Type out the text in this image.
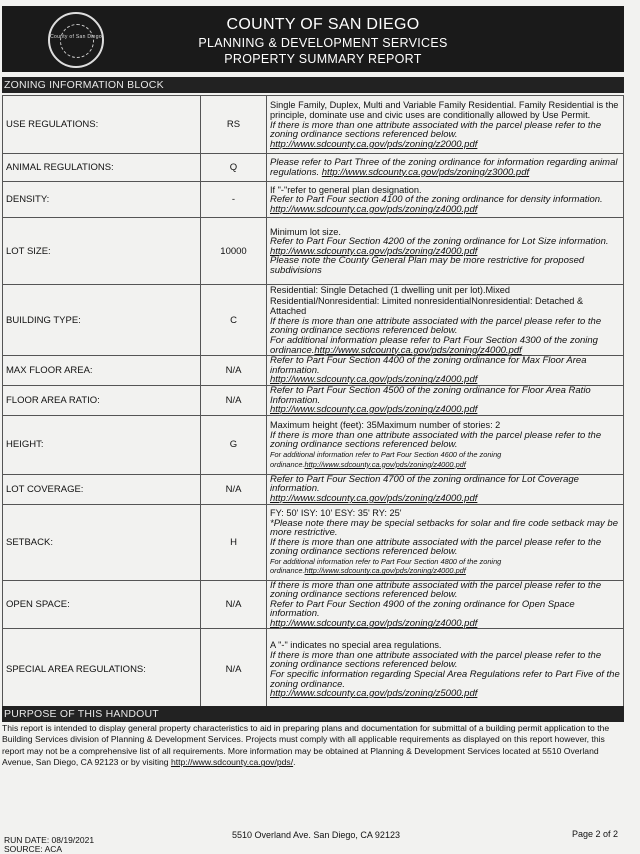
County of San Diego
COUNTY OF SAN DIEGO
PLANNING & DEVELOPMENT SERVICES
PROPERTY SUMMARY REPORT
ZONING INFORMATION BLOCK
USE REGULATIONS:	RS	Single Family, Duplex, Multi and Variable Family Residential. Family Residential is the principle, dominate use and civic uses are conditionally allowed by Use Permit.
If there is more than one attribute associated with the parcel please refer to the zoning ordinance sections referenced below.
http://www.sdcounty.ca.gov/pds/zoning/z2000.pdf

ANIMAL REGULATIONS:	Q	Please refer to Part Three of the zoning ordinance for information regarding animal regulations. http://www.sdcounty.ca.gov/pds/zoning/z3000.pdf
DENSITY:	-	If "-"refer to general plan designation.
Refer to Part Four section 4100 of the zoning ordinance for density information.
http://www.sdcounty.ca.gov/pds/zoning/z4000.pdf

LOT SIZE:	10000	Minimum lot size.
Refer to Part Four Section 4200 of the zoning ordinance for Lot Size information.
http://www.sdcounty.ca.gov/pds/zoning/z4000.pdf
Please note the County General Plan may be more restrictive for proposed subdivisions

BUILDING TYPE:	C	Residential: Single Detached (1 dwelling unit per lot).Mixed Residential/Nonresidential: Limited nonresidentialNonresidential: Detached & Attached
If there is more than one attribute associated with the parcel please refer to the zoning ordinance sections referenced below.
For additional information please refer to Part Four Section 4300 of the zoning ordinance.http://www.sdcounty.ca.gov/pds/zoning/z4000.pdf

MAX FLOOR AREA:	N/A	Refer to Part Four Section 4400 of the zoning ordinance for Max Floor Area information.
http://www.sdcounty.ca.gov/pds/zoning/z4000.pdf

FLOOR AREA RATIO:	N/A	Refer to Part Four Section 4500 of the zoning ordinance for Floor Area Ratio Information.
http://www.sdcounty.ca.gov/pds/zoning/z4000.pdf

HEIGHT:	G	Maximum height (feet): 35Maximum number of stories: 2
If there is more than one attribute associated with the parcel please refer to the zoning ordinance sections referenced below.
For additional information refer to Part Four Section 4600 of the zoning ordinance.http://www.sdcounty.ca.gov/pds/zoning/z4000.pdf

LOT COVERAGE:	N/A	Refer to Part Four Section 4700 of the zoning ordinance for Lot Coverage information.
http://www.sdcounty.ca.gov/pds/zoning/z4000.pdf

SETBACK:	H	FY: 50' ISY: 10' ESY: 35' RY: 25'
*Please note there may be special setbacks for solar and fire code setback may be more restrictive.
If there is more than one attribute associated with the parcel please refer to the zoning ordinance sections referenced below.
For additional information refer to Part Four Section 4800 of the zoning ordinance.http://www.sdcounty.ca.gov/pds/zoning/z4000.pdf

OPEN SPACE:	N/A	If there is more than one attribute associated with the parcel please refer to the zoning ordinance sections referenced below.
Refer to Part Four Section 4900 of the zoning ordinance for Open Space information.
http://www.sdcounty.ca.gov/pds/zoning/z4000.pdf

SPECIAL AREA REGULATIONS:	N/A	A "-" indicates no special area regulations.
If there is more than one attribute associated with the parcel please refer to the zoning ordinance sections referenced below.
For specific information regarding Special Area Regulations refer to Part Five of the zoning ordinance.
http://www.sdcounty.ca.gov/pds/zoning/z5000.pdf
PURPOSE OF THIS HANDOUT
This report is intended to display general property characteristics to aid in preparing plans and documentation for submittal of a building permit application to the Building Services division of Planning & Development Services. Projects must comply with all applicable requirements as displayed on this report however, this report may not be a comprehensive list of all requirements. More information may be obtained at Planning & Development Services located at 5510 Overland Avenue, San Diego, CA 92123 or by visiting http://www.sdcounty.ca.gov/pds/.
RUN DATE: 08/19/2021
SOURCE: ACA
5510 Overland Ave. San Diego, CA 92123	Page 2 of 2
